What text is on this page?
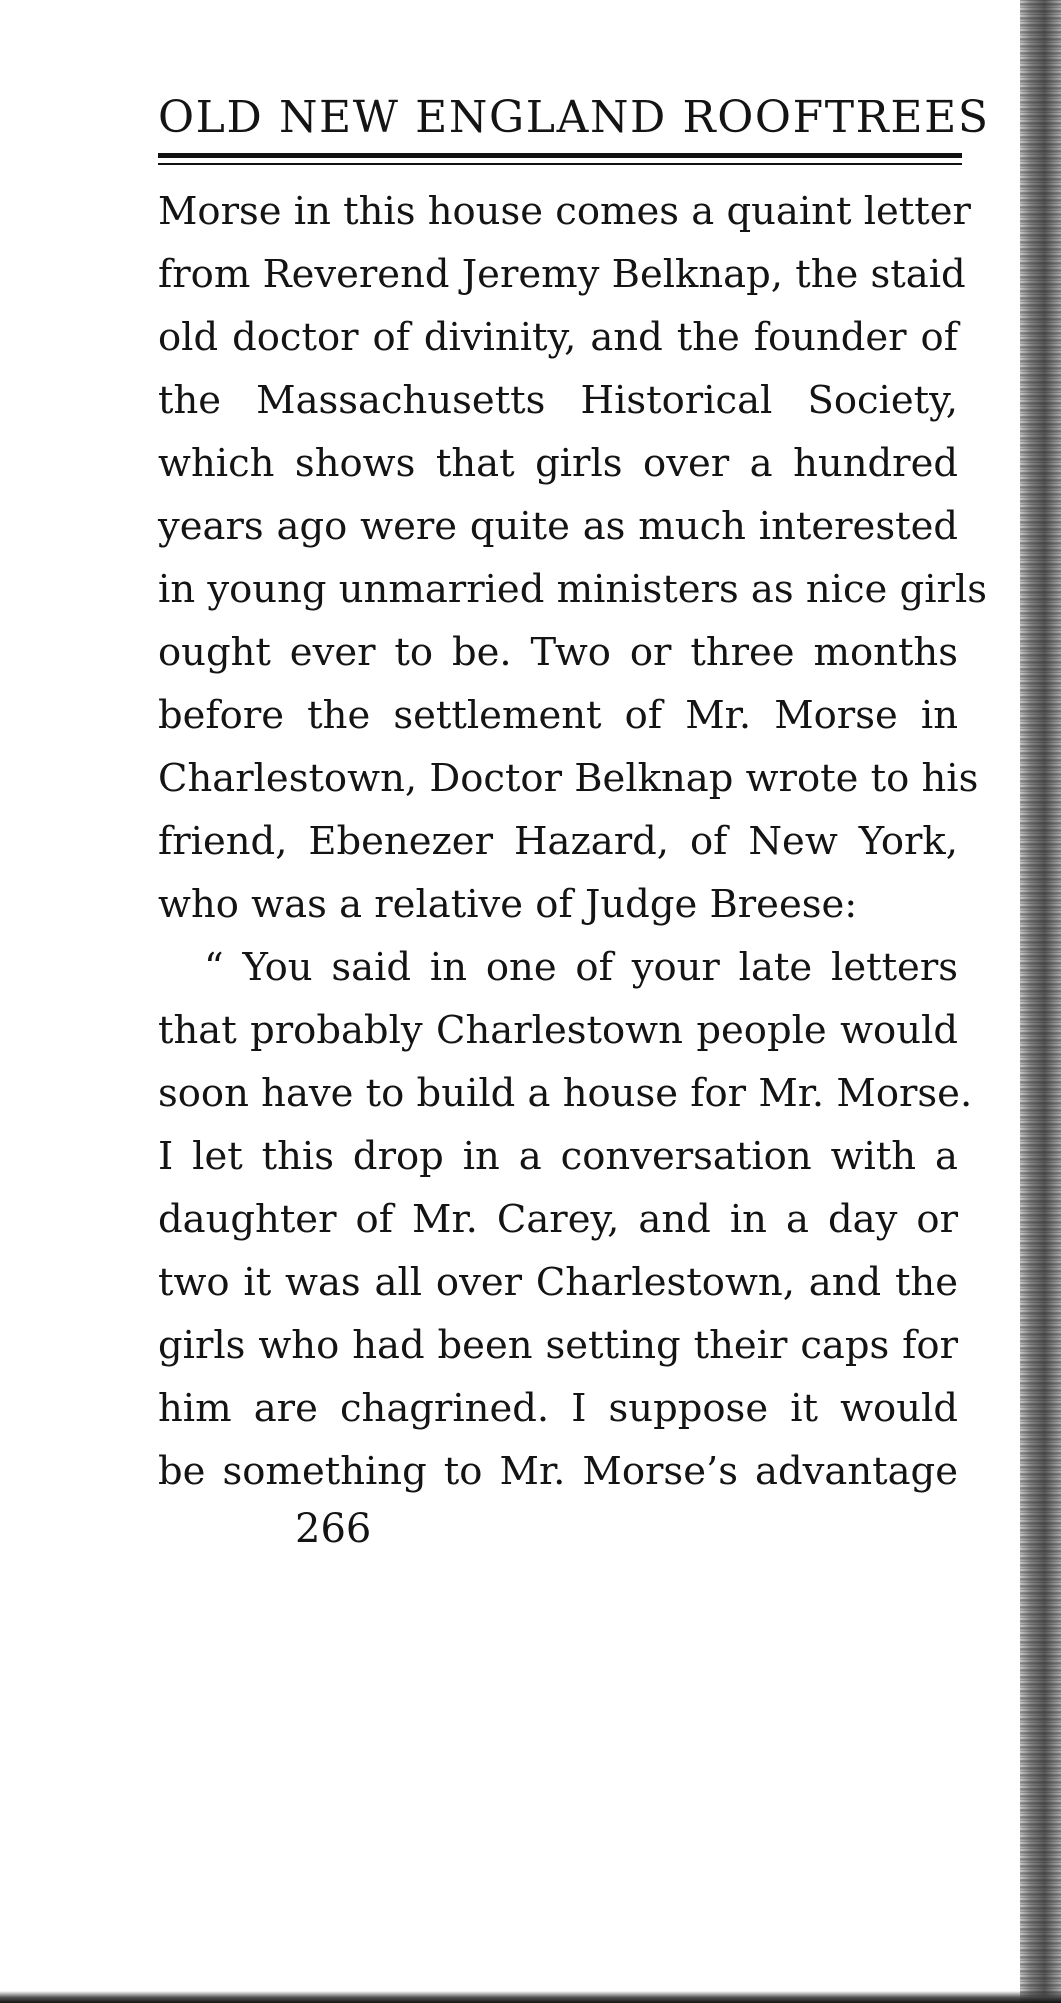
OLD NEW ENGLAND ROOFTREES
Morse in this house comes a quaint letter
from Reverend Jeremy Belknap, the staid
old doctor of divinity, and the founder of
the Massachusetts Historical Society,
which shows that girls over a hundred
years ago were quite as much interested
in young unmarried ministers as nice girls
ought ever to be. Two or three months
before the settlement of Mr. Morse in
Charlestown, Doctor Belknap wrote to his
friend, Ebenezer Hazard, of New York,
who was a relative of Judge Breese:
“ You said in one of your late letters
that probably Charlestown people would
soon have to build a house for Mr. Morse.
I let this drop in a conversation with a
daughter of Mr. Carey, and in a day or
two it was all over Charlestown, and the
girls who had been setting their caps for
him are chagrined. I suppose it would
be something to Mr. Morse’s advantage
266
